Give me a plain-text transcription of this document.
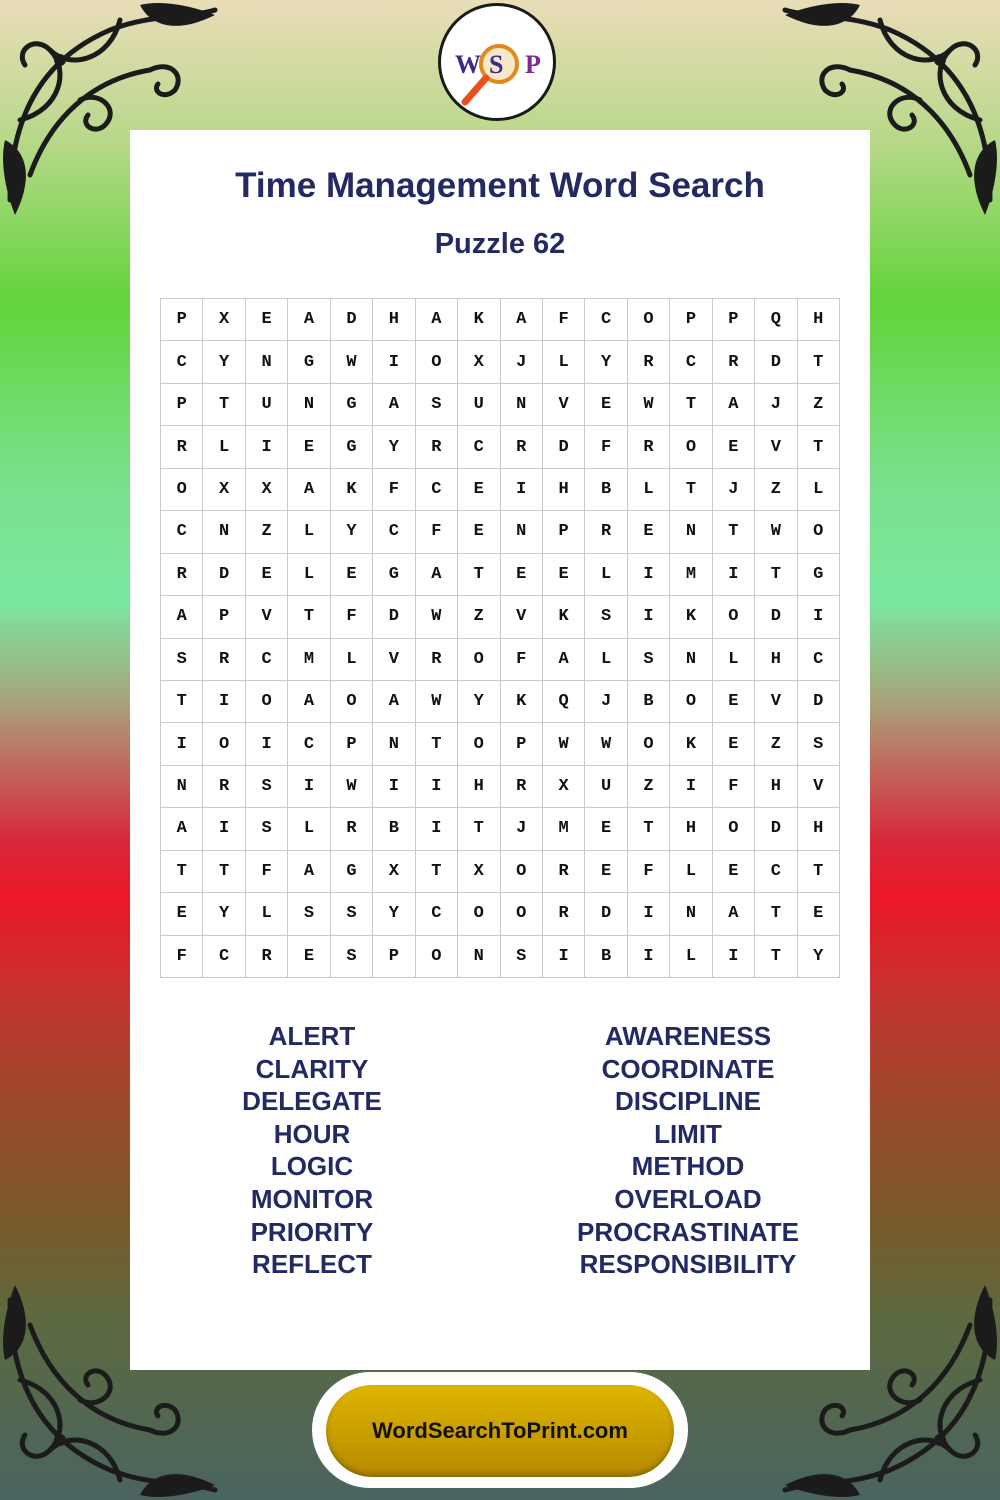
W S P
Time Management Word Search
Puzzle 62
P	X	E	A	D	H	A	K	A	F	C	O	P	P	Q	H
C	Y	N	G	W	I	O	X	J	L	Y	R	C	R	D	T
P	T	U	N	G	A	S	U	N	V	E	W	T	A	J	Z
R	L	I	E	G	Y	R	C	R	D	F	R	O	E	V	T
O	X	X	A	K	F	C	E	I	H	B	L	T	J	Z	L
C	N	Z	L	Y	C	F	E	N	P	R	E	N	T	W	O
R	D	E	L	E	G	A	T	E	E	L	I	M	I	T	G
A	P	V	T	F	D	W	Z	V	K	S	I	K	O	D	I
S	R	C	M	L	V	R	O	F	A	L	S	N	L	H	C
T	I	O	A	O	A	W	Y	K	Q	J	B	O	E	V	D
I	O	I	C	P	N	T	O	P	W	W	O	K	E	Z	S
N	R	S	I	W	I	I	H	R	X	U	Z	I	F	H	V
A	I	S	L	R	B	I	T	J	M	E	T	H	O	D	H
T	T	F	A	G	X	T	X	O	R	E	F	L	E	C	T
E	Y	L	S	S	Y	C	O	O	R	D	I	N	A	T	E
F	C	R	E	S	P	O	N	S	I	B	I	L	I	T	Y
ALERT
CLARITY
DELEGATE
HOUR
LOGIC
MONITOR
PRIORITY
REFLECT
AWARENESS
COORDINATE
DISCIPLINE
LIMIT
METHOD
OVERLOAD
PROCRASTINATE
RESPONSIBILITY
WordSearchToPrint.com
